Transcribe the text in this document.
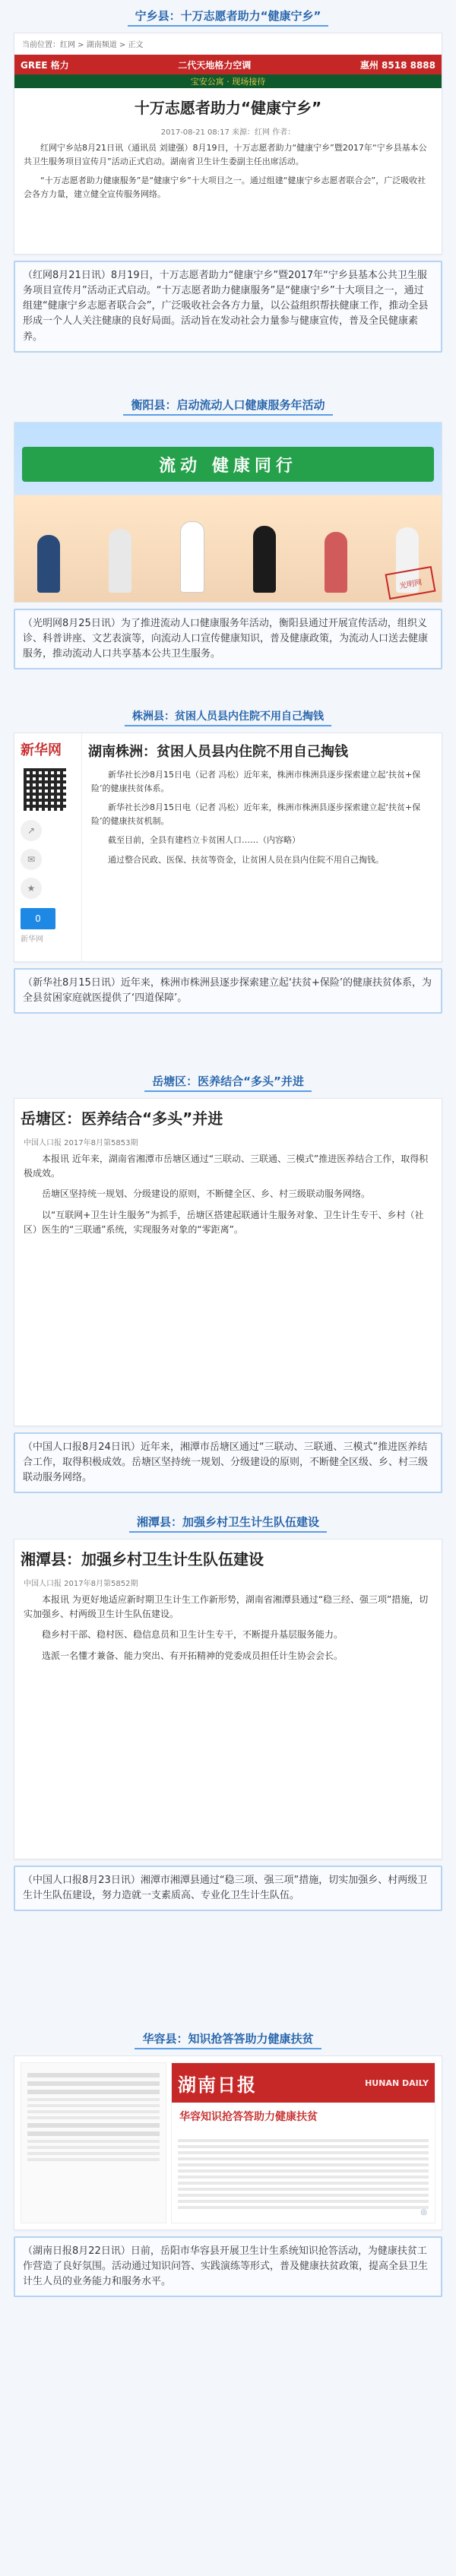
宁乡县：十万志愿者助力“健康宁乡”
当前位置：红网 > 湖南频道 > 正文
GREE 格力	二代天地格力空调	惠州 8518 8888
宝安公寓 · 现场接待
十万志愿者助力“健康宁乡”
2017-08-21 08:17 来源：红网 作者：
红网宁乡站8月21日讯（通讯员 刘建强）8月19日，十万志愿者助力“健康宁乡”暨2017年“宁乡县基本公共卫生服务项目宣传月”活动正式启动。湖南省卫生计生委副主任出席活动。
“十万志愿者助力健康服务”是“健康宁乡”十大项目之一。通过组建“健康宁乡志愿者联合会”，广泛吸收社会各方力量，建立健全宣传服务网络。
（红网8月21日讯）8月19日，十万志愿者助力“健康宁乡”暨2017年“宁乡县基本公共卫生服务项目宣传月”活动正式启动。“十万志愿者助力健康服务”是“健康宁乡”十大项目之一，通过组建“健康宁乡志愿者联合会”，广泛吸收社会各方力量，以公益组织帮扶健康工作，推动全县形成一个人人关注健康的良好局面。活动旨在发动社会力量参与健康宣传，普及全民健康素养。
衡阳县：启动流动人口健康服务年活动
流动 健康同行
光明网
（光明网8月25日讯）为了推进流动人口健康服务年活动，衡阳县通过开展宣传活动，组织义诊、科普讲座、文艺表演等，向流动人口宣传健康知识，普及健康政策，为流动人口送去健康服务，推动流动人口共享基本公共卫生服务。
株洲县：贫困人员县内住院不用自己掏钱
新华网
↗
✉
★
0
新华网
湖南株洲：贫困人员县内住院不用自己掏钱
新华社长沙8月15日电（记者 冯松）近年来，株洲市株洲县逐步探索建立起‘扶贫+保险’的健康扶贫体系。
新华社长沙8月15日电（记者 冯松）近年来，株洲市株洲县逐步探索建立起‘扶贫+保险’的健康扶贫机制。
截至目前，全县有建档立卡贫困人口……（内容略）
通过整合民政、医保、扶贫等资金，让贫困人员在县内住院不用自己掏钱。
（新华社8月15日讯）近年来，株洲市株洲县逐步探索建立起‘扶贫+保险’的健康扶贫体系，为全县贫困家庭就医提供了‘四道保障’。
岳塘区：医养结合“多头”并进
岳塘区：医养结合“多头”并进
中国人口报 2017年8月第5853期
本报讯 近年来，湖南省湘潭市岳塘区通过“三联动、三联通、三模式”推进医养结合工作，取得积极成效。
岳塘区坚持统一规划、分级建设的原则，不断健全区、乡、村三级联动服务网络。
以“互联网+卫生计生服务”为抓手，岳塘区搭建起联通计生服务对象、卫生计生专干、乡村（社区）医生的“三联通”系统，实现服务对象的“零距离”。
（中国人口报8月24日讯）近年来，湘潭市岳塘区通过“三联动、三联通、三模式”推进医养结合工作，取得积极成效。岳塘区坚持统一规划、分级建设的原则，不断健全区级、乡、村三级联动服务网络。
湘潭县：加强乡村卫生计生队伍建设
湘潭县：加强乡村卫生计生队伍建设
中国人口报 2017年8月第5852期
本报讯 为更好地适应新时期卫生计生工作新形势，湖南省湘潭县通过“稳三经、强三项”措施，切实加强乡、村两级卫生计生队伍建设。
稳乡村干部、稳村医、稳信息员和卫生计生专干，不断提升基层服务能力。
选派一名懂才兼备、能力突出、有开拓精神的党委成员担任计生协会会长。
（中国人口报8月23日讯）湘潭市湘潭县通过“稳三项、强三项”措施，切实加强乡、村两级卫生计生队伍建设，努力造就一支素质高、专业化卫生计生队伍。
华容县：知识抢答答助力健康扶贫
湖南日报	HUNAN DAILY
华容知识抢答答助力健康扶贫
◎
（湖南日报8月22日讯）日前，岳阳市华容县开展卫生计生系统知识抢答活动，为健康扶贫工作营造了良好氛围。活动通过知识问答、实践演练等形式，普及健康扶贫政策，提高全县卫生计生人员的业务能力和服务水平。
